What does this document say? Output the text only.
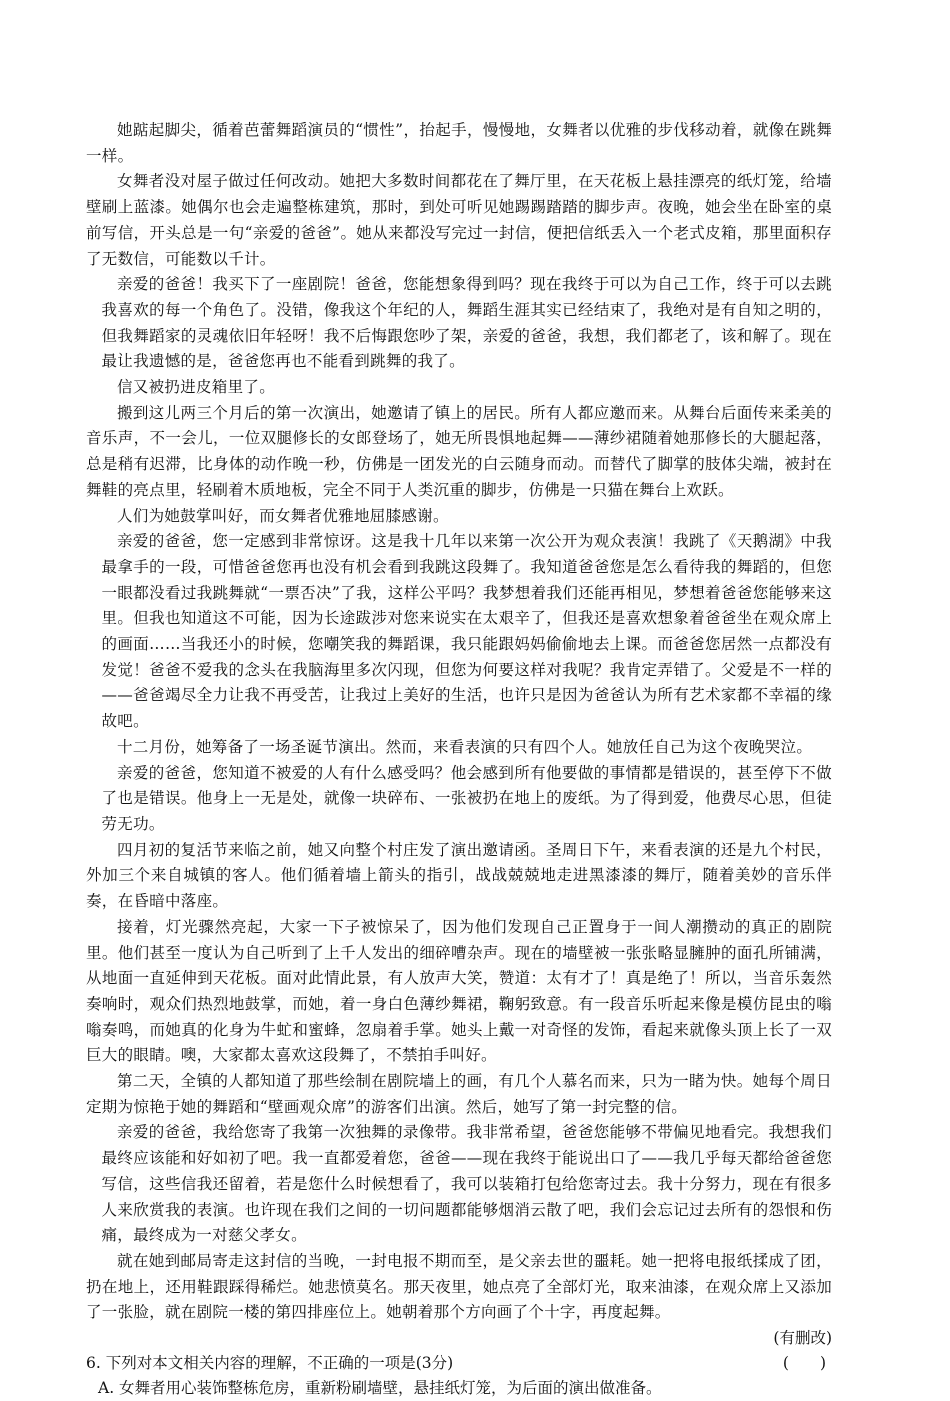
她踮起脚尖，循着芭蕾舞蹈演员的“惯性”，抬起手，慢慢地，女舞者以优雅的步伐移动着，就像在跳舞一样。

女舞者没对屋子做过任何改动。她把大多数时间都花在了舞厅里，在天花板上悬挂漂亮的纸灯笼，给墙壁刷上蓝漆。她偶尔也会走遍整栋建筑，那时，到处可听见她踢踢踏踏的脚步声。夜晚，她会坐在卧室的桌前写信，开头总是一句“亲爱的爸爸”。她从来都没写完过一封信，便把信纸丢入一个老式皮箱，那里面积存了无数信，可能数以千计。

亲爱的爸爸！我买下了一座剧院！爸爸，您能想象得到吗？现在我终于可以为自己工作，终于可以去跳我喜欢的每一个角色了。没错，像我这个年纪的人，舞蹈生涯其实已经结束了，我绝对是有自知之明的，但我舞蹈家的灵魂依旧年轻呀！我不后悔跟您吵了架，亲爱的爸爸，我想，我们都老了，该和解了。现在最让我遗憾的是，爸爸您再也不能看到跳舞的我了。

信又被扔进皮箱里了。

搬到这儿两三个月后的第一次演出，她邀请了镇上的居民。所有人都应邀而来。从舞台后面传来柔美的音乐声，不一会儿，一位双腿修长的女郎登场了，她无所畏惧地起舞——薄纱裙随着她那修长的大腿起落，总是稍有迟滞，比身体的动作晚一秒，仿佛是一团发光的白云随身而动。而替代了脚掌的肢体尖端，被封在舞鞋的亮点里，轻刷着木质地板，完全不同于人类沉重的脚步，仿佛是一只猫在舞台上欢跃。

人们为她鼓掌叫好，而女舞者优雅地屈膝感谢。

亲爱的爸爸，您一定感到非常惊讶。这是我十几年以来第一次公开为观众表演！我跳了《天鹅湖》中我最拿手的一段，可惜爸爸您再也没有机会看到我跳这段舞了。我知道爸爸您是怎么看待我的舞蹈的，但您一眼都没看过我跳舞就“一票否决”了我，这样公平吗？我梦想着我们还能再相见，梦想着爸爸您能够来这里。但我也知道这不可能，因为长途跋涉对您来说实在太艰辛了，但我还是喜欢想象着爸爸坐在观众席上的画面……当我还小的时候，您嘲笑我的舞蹈课，我只能跟妈妈偷偷地去上课。而爸爸您居然一点都没有发觉！爸爸不爱我的念头在我脑海里多次闪现，但您为何要这样对我呢？我肯定弄错了。父爱是不一样的——爸爸竭尽全力让我不再受苦，让我过上美好的生活，也许只是因为爸爸认为所有艺术家都不幸福的缘故吧。

十二月份，她筹备了一场圣诞节演出。然而，来看表演的只有四个人。她放任自己为这个夜晚哭泣。

亲爱的爸爸，您知道不被爱的人有什么感受吗？他会感到所有他要做的事情都是错误的，甚至停下不做了也是错误。他身上一无是处，就像一块碎布、一张被扔在地上的废纸。为了得到爱，他费尽心思，但徒劳无功。

四月初的复活节来临之前，她又向整个村庄发了演出邀请函。圣周日下午，来看表演的还是九个村民，外加三个来自城镇的客人。他们循着墙上箭头的指引，战战兢兢地走进黑漆漆的舞厅，随着美妙的音乐伴奏，在昏暗中落座。

接着，灯光骤然亮起，大家一下子被惊呆了，因为他们发现自己正置身于一间人潮攒动的真正的剧院里。他们甚至一度认为自己听到了上千人发出的细碎嘈杂声。现在的墙壁被一张张略显臃肿的面孔所铺满，从地面一直延伸到天花板。面对此情此景，有人放声大笑，赞道：太有才了！真是绝了！所以，当音乐轰然奏响时，观众们热烈地鼓掌，而她，着一身白色薄纱舞裙，鞠躬致意。有一段音乐听起来像是模仿昆虫的嗡嗡奏鸣，而她真的化身为牛虻和蜜蜂，忽扇着手掌。她头上戴一对奇怪的发饰，看起来就像头顶上长了一双巨大的眼睛。噢，大家都太喜欢这段舞了，不禁拍手叫好。

第二天，全镇的人都知道了那些绘制在剧院墙上的画，有几个人慕名而来，只为一睹为快。她每个周日定期为惊艳于她的舞蹈和“壁画观众席”的游客们出演。然后，她写了第一封完整的信。

亲爱的爸爸，我给您寄了我第一次独舞的录像带。我非常希望，爸爸您能够不带偏见地看完。我想我们最终应该能和好如初了吧。我一直都爱着您，爸爸——现在我终于能说出口了——我几乎每天都给爸爸您写信，这些信我还留着，若是您什么时候想看了，我可以装箱打包给您寄过去。我十分努力，现在有很多人来欣赏我的表演。也许现在我们之间的一切问题都能够烟消云散了吧，我们会忘记过去所有的怨恨和伤痛，最终成为一对慈父孝女。

就在她到邮局寄走这封信的当晚，一封电报不期而至，是父亲去世的噩耗。她一把将电报纸揉成了团，扔在地上，还用鞋跟踩得稀烂。她悲愤莫名。那天夜里，她点亮了全部灯光，取来油漆，在观众席上又添加了一张脸，就在剧院一楼的第四排座位上。她朝着那个方向画了个十字，再度起舞。

(有删改)

6. 下列对本文相关内容的理解，不正确的一项是(3分)	(　　)

A. 女舞者用心装饰整栋危房，重新粉刷墙壁，悬挂纸灯笼，为后面的演出做准备。
